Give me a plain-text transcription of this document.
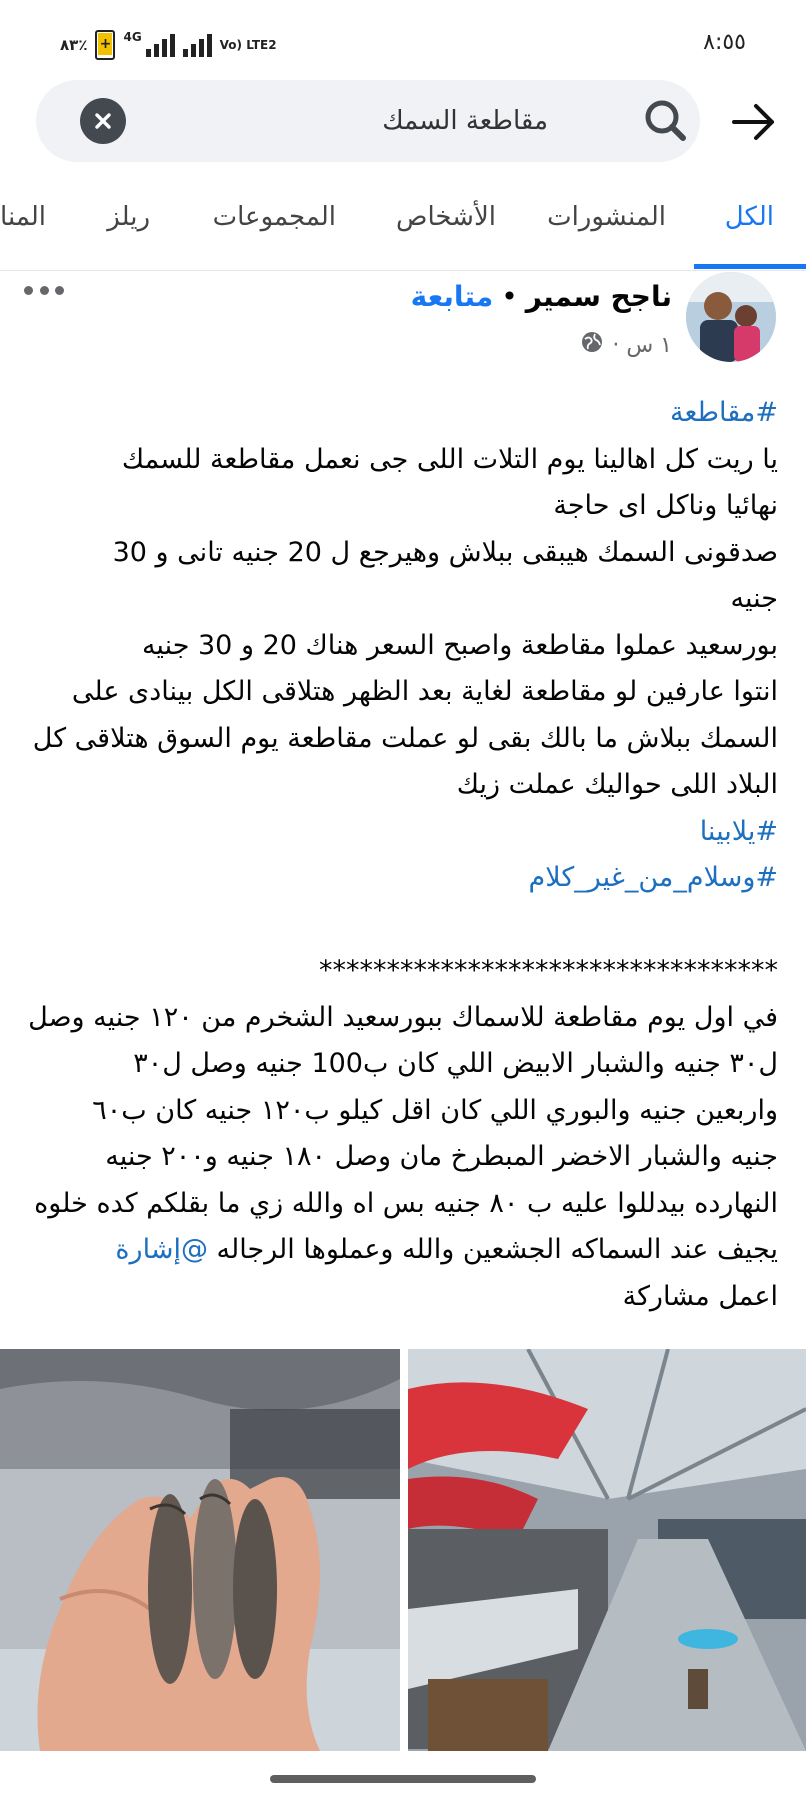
٨٣٪
+	4G
Vo) LTE2	٨:٥٥
مقاطعة السمك
الكل
المنشورات
الأشخاص
المجموعات
ريلز
المنا
ناجح سمير•متابعة
١ س ·

#مقاطعة

يا ريت كل اهالينا يوم التلات اللى جى نعمل مقاطعة للسمك

نهائيا وناكل اى حاجة

صدقونى السمك هيبقى ببلاش وهيرجع ل 20 جنيه تانى و 30

جنيه

بورسعيد عملوا مقاطعة واصبح السعر هناك 20 و 30 جنيه

انتوا عارفين لو مقاطعة لغاية بعد الظهر هتلاقى الكل بينادى على

السمك ببلاش ما بالك بقى لو عملت مقاطعة يوم السوق هتلاقى كل

البلاد اللى حواليك عملت زيك

#يلابينا

#وسلام_من_غير_كلام

**********************************

في اول يوم مقاطعة للاسماك ببورسعيد الشخرم من ١٢٠ جنيه وصل

ل٣٠ جنيه والشبار الابيض اللي كان ب100 جنيه وصل ل٣٠

واربعين جنيه والبوري اللي كان اقل كيلو ب١٢٠ جنيه كان ب٦٠

جنيه والشبار الاخضر المبطرخ مان وصل ١٨٠ جنيه و٢٠٠ جنيه

النهارده بيدللوا عليه ب ٨٠ جنيه بس اه والله زي ما بقلكم كده خلوه

يجيف عند السماكه الجشعين والله وعملوها الرجاله @إشارة

اعمل مشاركة
